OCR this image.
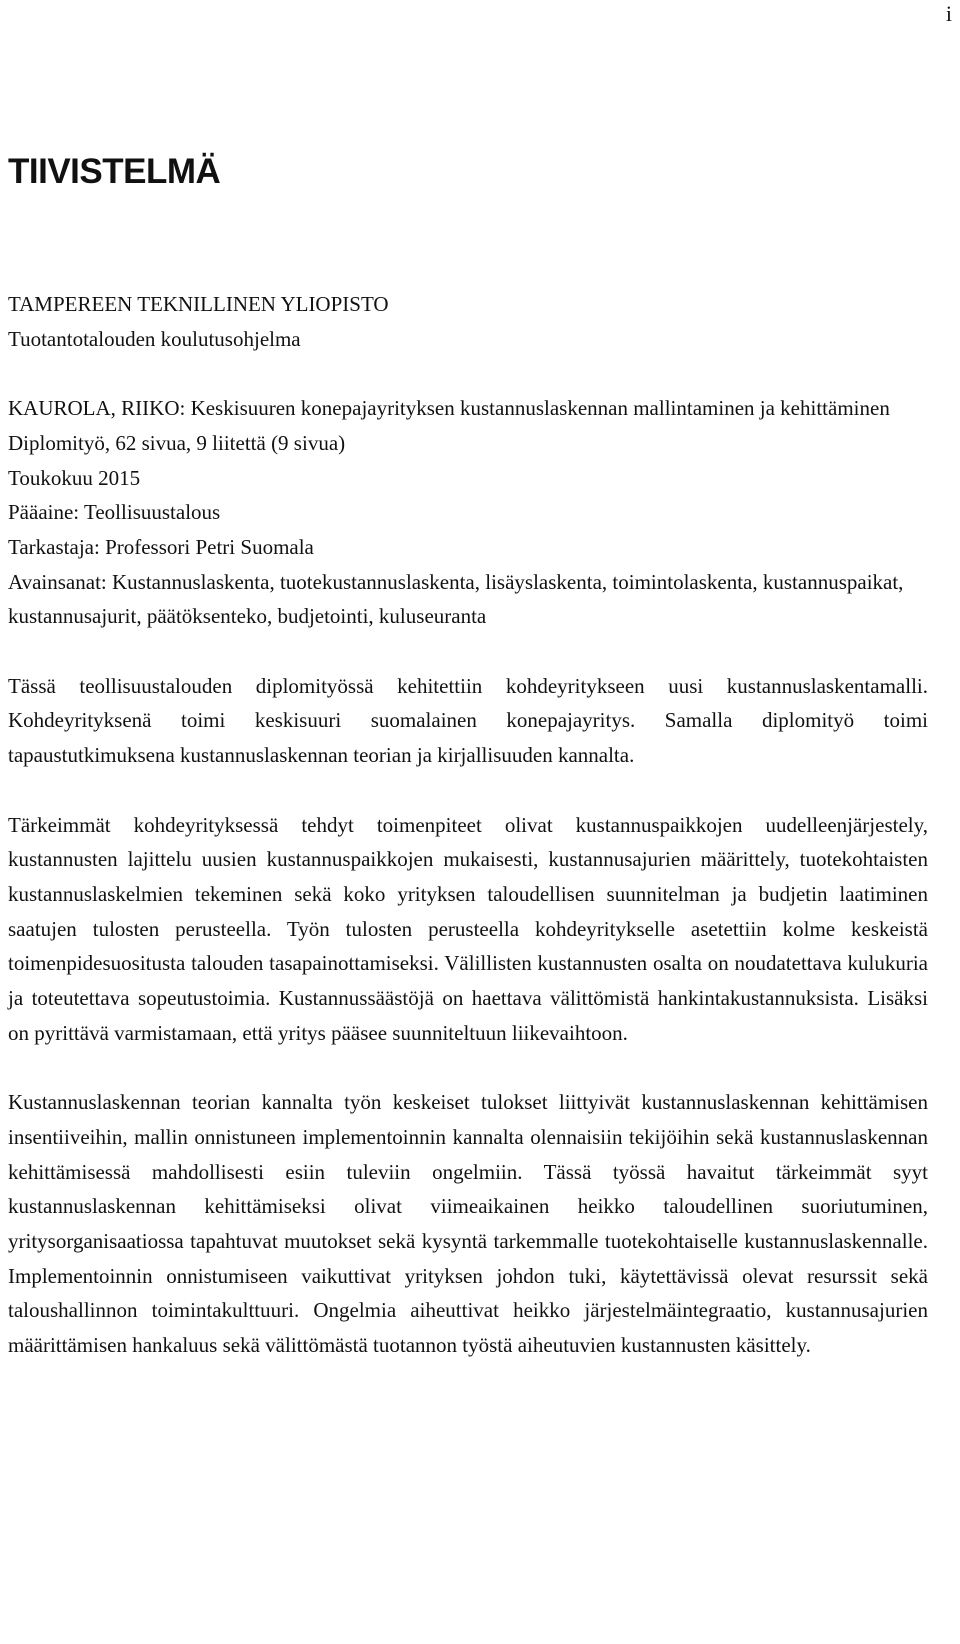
i
TIIVISTELMÄ
TAMPEREEN TEKNILLINEN YLIOPISTO
Tuotantotalouden koulutusohjelma
KAUROLA, RIIKO: Keskisuuren konepajayrityksen kustannuslaskennan mallintaminen ja kehittäminen
Diplomityö, 62 sivua, 9 liitettä (9 sivua)
Toukokuu 2015
Pääaine: Teollisuustalous
Tarkastaja: Professori Petri Suomala
Avainsanat: Kustannuslaskenta, tuotekustannuslaskenta, lisäyslaskenta, toimintolaskenta, kustannuspaikat, kustannusajurit, päätöksenteko, budjetointi, kuluseuranta

Tässä teollisuustalouden diplomityössä kehitettiin kohdeyritykseen uusi kustannuslaskentamalli. Kohdeyrityksenä toimi keskisuuri suomalainen konepajayritys. Samalla diplomityö toimi tapaustutkimuksena kustannuslaskennan teorian ja kirjallisuuden kannalta.

Tärkeimmät kohdeyrityksessä tehdyt toimenpiteet olivat kustannuspaikkojen uudelleenjärjestely, kustannusten lajittelu uusien kustannuspaikkojen mukaisesti, kustannusajurien määrittely, tuotekohtaisten kustannuslaskelmien tekeminen sekä koko yrityksen taloudellisen suunnitelman ja budjetin laatiminen saatujen tulosten perusteella. Työn tulosten perusteella kohdeyritykselle asetettiin kolme keskeistä toimenpidesuositusta talouden tasapainottamiseksi. Välillisten kustannusten osalta on noudatettava kulukuria ja toteutettava sopeutustoimia. Kustannussäästöjä on haettava välittömistä hankintakustannuksista. Lisäksi on pyrittävä varmistamaan, että yritys pääsee suunniteltuun liikevaihtoon.

Kustannuslaskennan teorian kannalta työn keskeiset tulokset liittyivät kustannuslaskennan kehittämisen insentiiveihin, mallin onnistuneen implementoinnin kannalta olennaisiin tekijöihin sekä kustannuslaskennan kehittämisessä mahdollisesti esiin tuleviin ongelmiin. Tässä työssä havaitut tärkeimmät syyt kustannuslaskennan kehittämiseksi olivat viimeaikainen heikko taloudellinen suoriutuminen, yritysorganisaatiossa tapahtuvat muutokset sekä kysyntä tarkemmalle tuotekohtaiselle kustannuslaskennalle. Implementoinnin onnistumiseen vaikuttivat yrityksen johdon tuki, käytettävissä olevat resurssit sekä taloushallinnon toimintakulttuuri. Ongelmia aiheuttivat heikko järjestelmäintegraatio, kustannusajurien määrittämisen hankaluus sekä välittömästä tuotannon työstä aiheutuvien kustannusten käsittely.
